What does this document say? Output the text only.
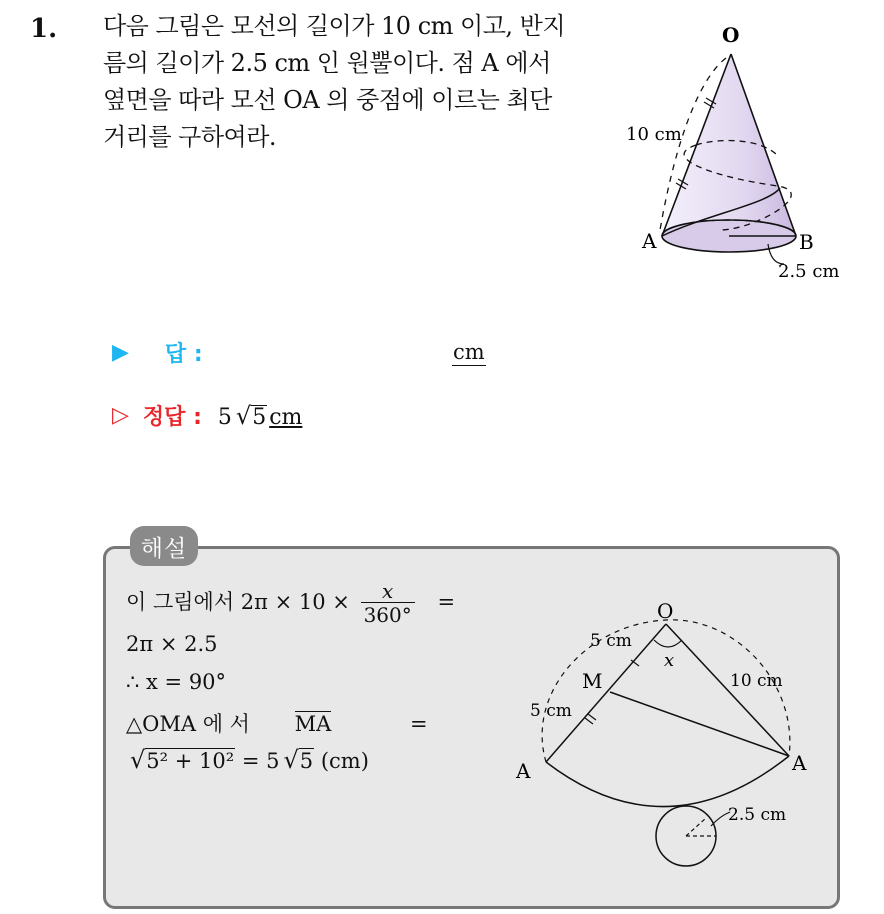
1. 다음 그림은 모선의 길이가 10 cm 이고, 반지
름의 길이가 2.5 cm 인 원뿔이다. 점 A 에서
옆면을 따라 모선 OA 의 중점에 이르는 최단
거리를 구하여라.
O
A	B
10 cm
2.5 cm
▶ 답 :	cm
▷ 정답 : 5 √ 5 cm
해설
이 그림에서 $2\pi \times 10 \times \frac{x}{360^\circ}$ =
2π × 2.5
∴ x = 90°
△OMA 에 서 MA	=
√ 5² + 10² = 5 √ 5 (cm)
O
M
A	A
x
5 cm
5 cm
10 cm
2.5 cm
